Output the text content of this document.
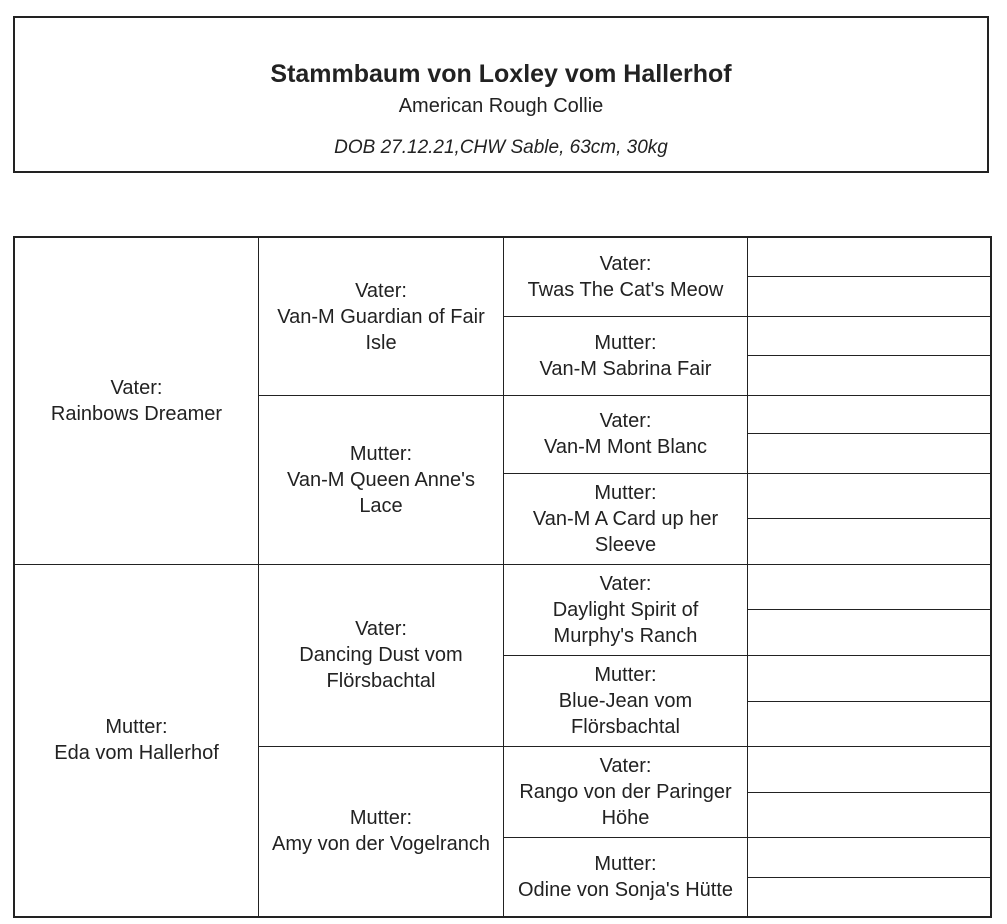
Stammbaum von Loxley vom Hallerhof
American Rough Collie
DOB 27.12.21,CHW Sable, 63cm, 30kg
Vater:
Rainbows Dreamer
Mutter:
Eda vom Hallerhof
Vater:
Van-M Guardian of Fair Isle
Mutter:
Van-M Queen Anne's Lace
Vater:
Dancing Dust vom Flörsbachtal
Mutter:
Amy von der Vogelranch
Vater:
Twas The Cat's Meow
Mutter:
Van-M Sabrina Fair
Vater:
Van-M Mont Blanc
Mutter:
Van-M A Card up her Sleeve
Vater:
Daylight Spirit of Murphy's Ranch
Mutter:
Blue-Jean vom Flörsbachtal
Vater:
Rango von der Paringer Höhe
Mutter:
Odine von Sonja's Hütte
